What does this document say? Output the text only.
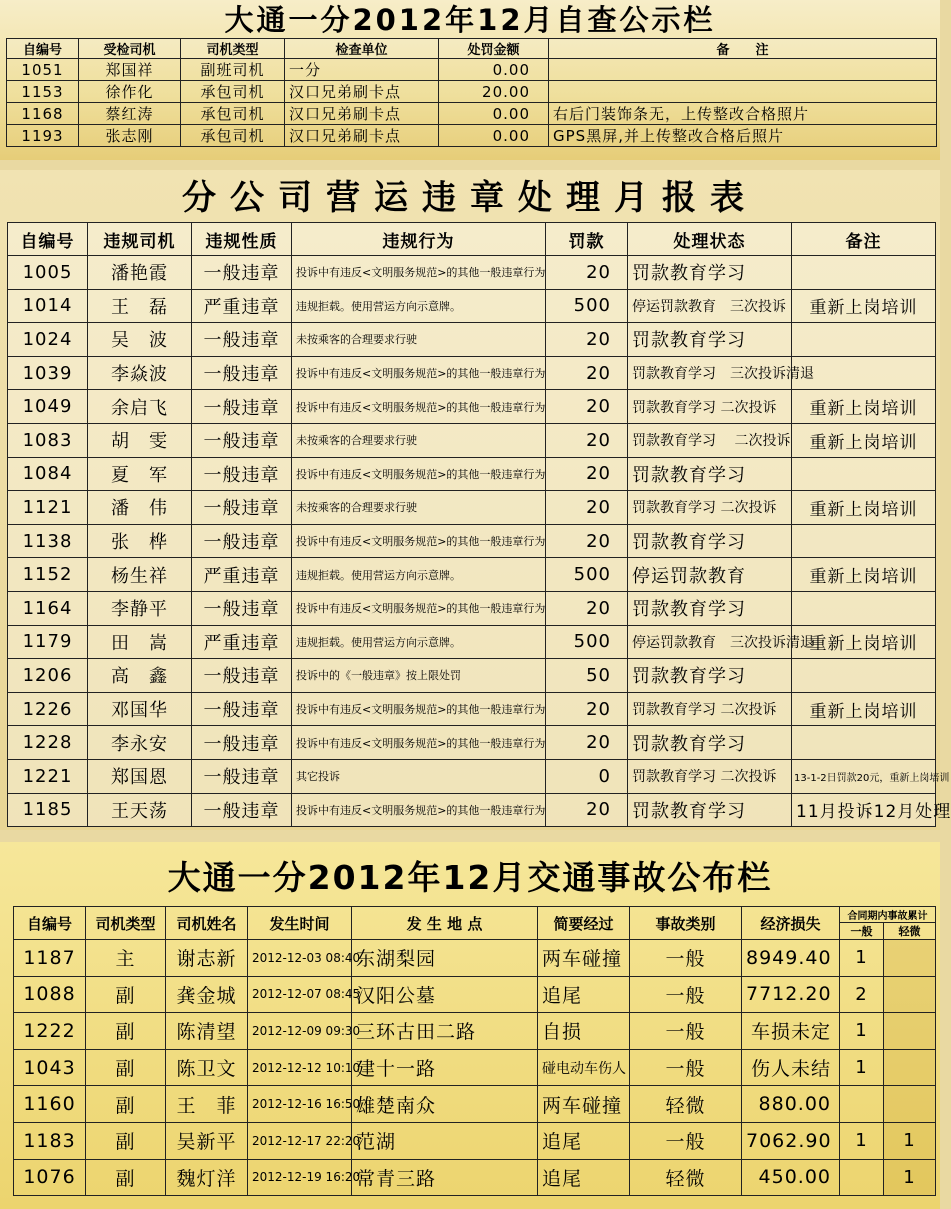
大通一分2012年12月自查公示栏
自编号	受检司机	司机类型	检查单位	处罚金额	备　　注
1051	郑国祥	副班司机	一分	0.00	
1153	徐作化	承包司机	汉口兄弟刷卡点	20.00	
1168	蔡红涛	承包司机	汉口兄弟刷卡点	0.00	右后门装饰条无，上传整改合格照片
1193	张志刚	承包司机	汉口兄弟刷卡点	0.00	GPS黑屏,并上传整改合格后照片
分公司营运违章处理月报表
自编号	违规司机	违规性质	违规行为	罚款	处理状态	备注
1005	潘艳霞	一般违章	投诉中有违反<文明服务规范>的其他一般违章行为	20	罚款教育学习	
1014	王　磊	严重违章	违规拒载。使用营运方向示意牌。	500	停运罚款教育　三次投诉	重新上岗培训
1024	吴　波	一般违章	未按乘客的合理要求行驶	20	罚款教育学习	
1039	李焱波	一般违章	投诉中有违反<文明服务规范>的其他一般违章行为	20	罚款教育学习　三次投诉清退	
1049	余启飞	一般违章	投诉中有违反<文明服务规范>的其他一般违章行为	20	罚款教育学习 二次投诉	重新上岗培训
1083	胡　雯	一般违章	未按乘客的合理要求行驶	20	罚款教育学习　 二次投诉	重新上岗培训
1084	夏　军	一般违章	投诉中有违反<文明服务规范>的其他一般违章行为	20	罚款教育学习	
1121	潘　伟	一般违章	未按乘客的合理要求行驶	20	罚款教育学习 二次投诉	重新上岗培训
1138	张　桦	一般违章	投诉中有违反<文明服务规范>的其他一般违章行为	20	罚款教育学习	
1152	杨生祥	严重违章	违规拒载。使用营运方向示意牌。	500	停运罚款教育	重新上岗培训
1164	李静平	一般违章	投诉中有违反<文明服务规范>的其他一般违章行为	20	罚款教育学习	
1179	田　嵩	严重违章	违规拒载。使用营运方向示意牌。	500	停运罚款教育　三次投诉清退	重新上岗培训
1206	高　鑫	一般违章	投诉中的《一般违章》按上限处罚	50	罚款教育学习	
1226	邓国华	一般违章	投诉中有违反<文明服务规范>的其他一般违章行为	20	罚款教育学习 二次投诉	重新上岗培训
1228	李永安	一般违章	投诉中有违反<文明服务规范>的其他一般违章行为	20	罚款教育学习	
1221	郑国恩	一般违章	其它投诉	0	罚款教育学习 二次投诉	13-1-2日罚款20元，重新上岗培训
1185	王天荡	一般违章	投诉中有违反<文明服务规范>的其他一般违章行为	20	罚款教育学习	11月投诉12月处理
大通一分2012年12月交通事故公布栏
自编号	司机类型	司机姓名	发生时间	发 生 地 点	简要经过	事故类别	经济损失	合同期内事故累计	
								一般	轻微
1187	主	谢志新	2012-12-03 08:40	东湖梨园	两车碰撞	一般	8949.40	1	
1088	副	龚金城	2012-12-07 08:45	汉阳公墓	追尾	一般	7712.20	2	
1222	副	陈清望	2012-12-09 09:30	三环古田二路	自损	一般	车损未定	1	
1043	副	陈卫文	2012-12-12 10:10	建十一路	碰电动车伤人	一般	伤人未结	1	
1160	副	王　菲	2012-12-16 16:50	雄楚南众	两车碰撞	轻微	880.00		
1183	副	吴新平	2012-12-17 22:20	范湖	追尾	一般	7062.90	1	1
1076	副	魏灯洋	2012-12-19 16:20	常青三路	追尾	轻微	450.00		1
